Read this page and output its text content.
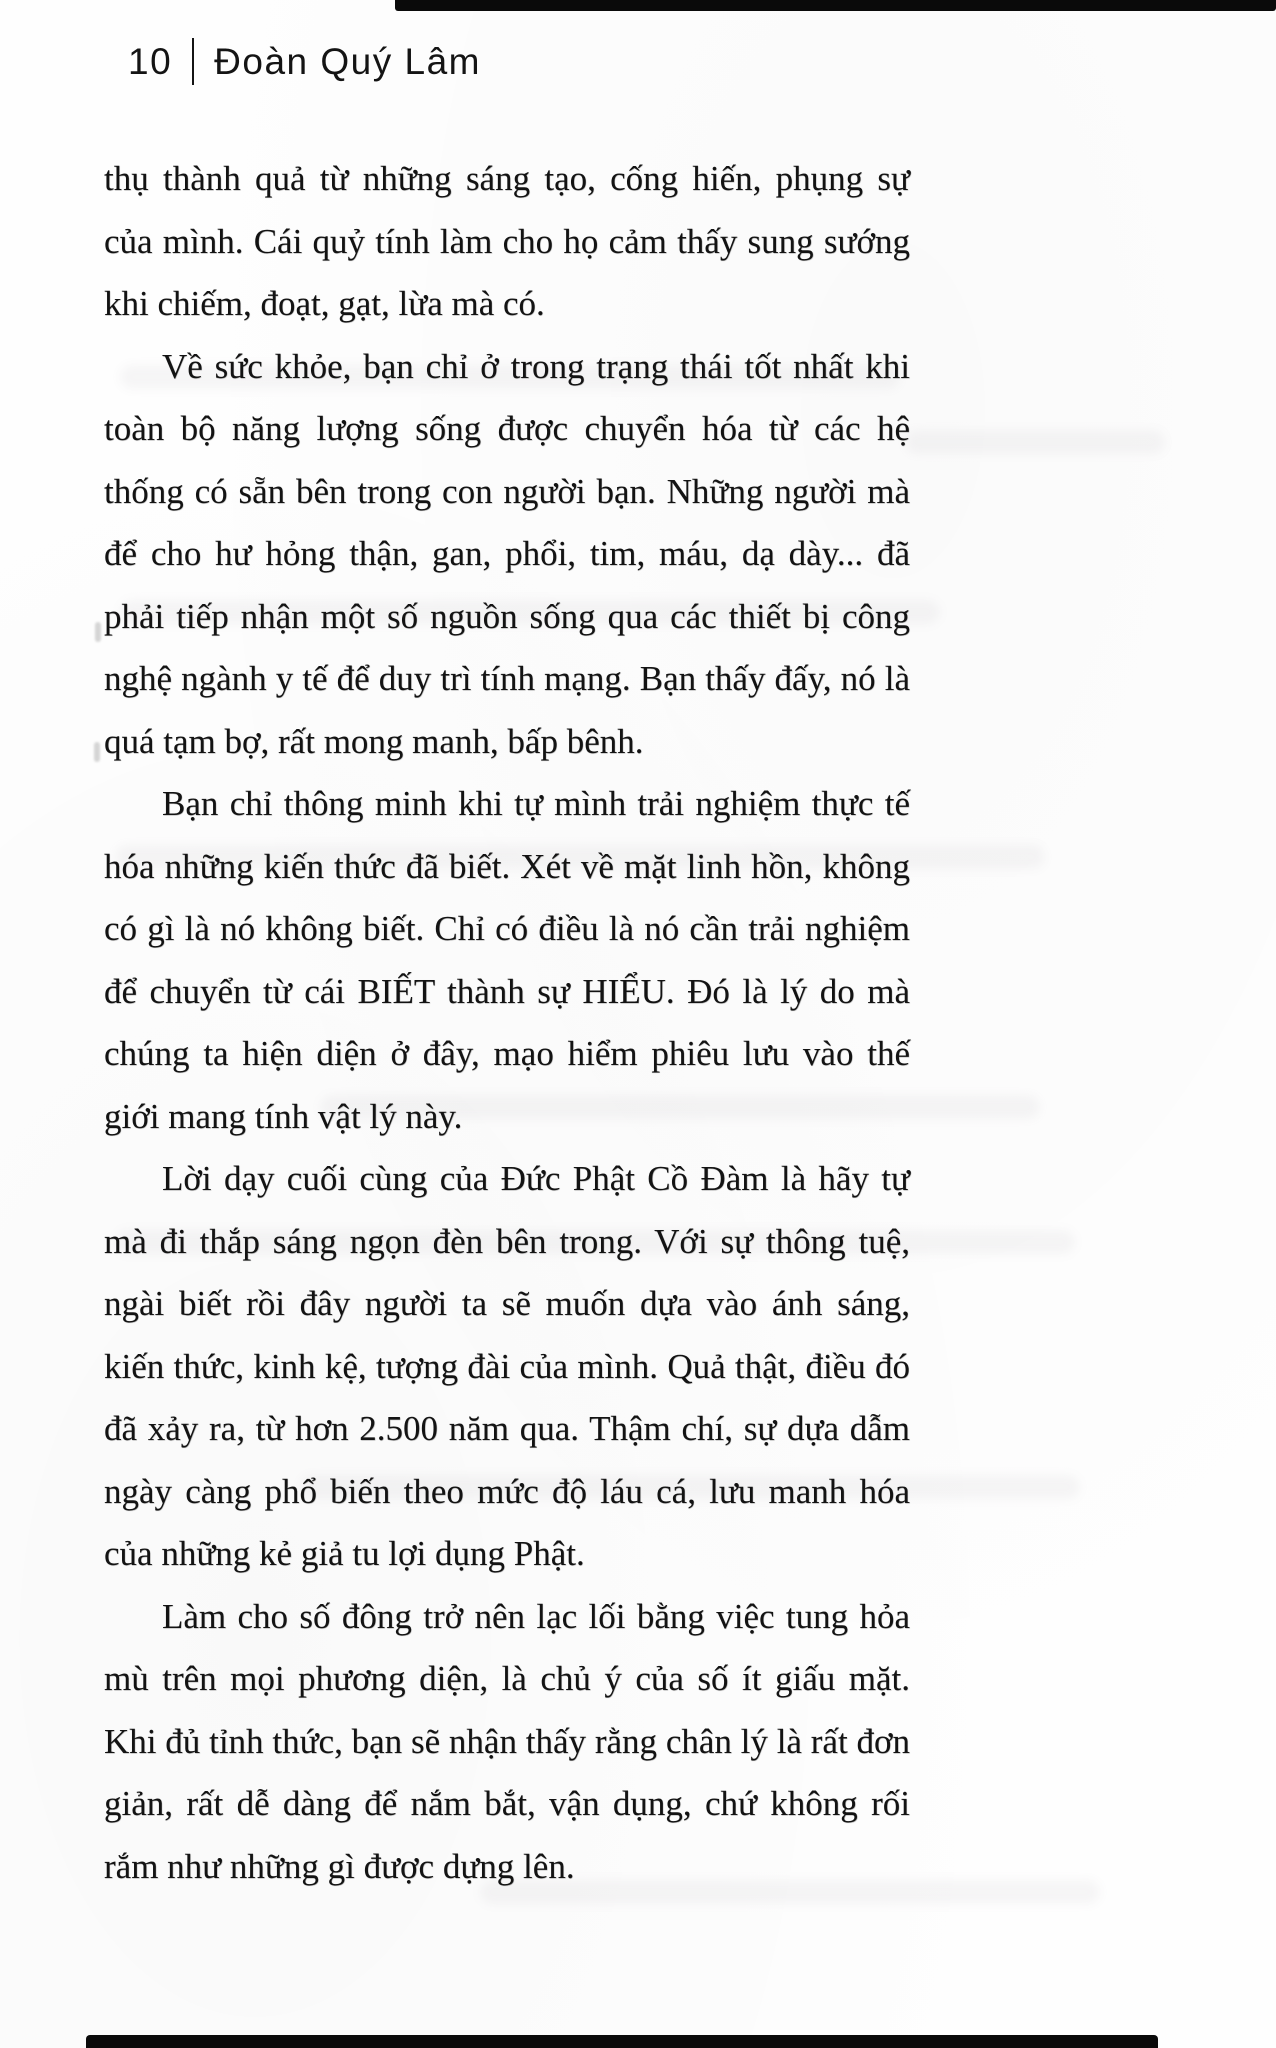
10 Đoàn Quý Lâm

thụ thành quả từ những sáng tạo, cống hiến, phụng sự của mình. Cái quỷ tính làm cho họ cảm thấy sung sướng khi chiếm, đoạt, gạt, lừa mà có.

Về sức khỏe, bạn chỉ ở trong trạng thái tốt nhất khi toàn bộ năng lượng sống được chuyển hóa từ các hệ thống có sẵn bên trong con người bạn. Những người mà để cho hư hỏng thận, gan, phổi, tim, máu, dạ dày... đã phải tiếp nhận một số nguồn sống qua các thiết bị công nghệ ngành y tế để duy trì tính mạng. Bạn thấy đấy, nó là quá tạm bợ, rất mong manh, bấp bênh.

Bạn chỉ thông minh khi tự mình trải nghiệm thực tế hóa những kiến thức đã biết. Xét về mặt linh hồn, không có gì là nó không biết. Chỉ có điều là nó cần trải nghiệm để chuyển từ cái BIẾT thành sự HIỂU. Đó là lý do mà chúng ta hiện diện ở đây, mạo hiểm phiêu lưu vào thế giới mang tính vật lý này.

Lời dạy cuối cùng của Đức Phật Cồ Đàm là hãy tự mà đi thắp sáng ngọn đèn bên trong. Với sự thông tuệ, ngài biết rồi đây người ta sẽ muốn dựa vào ánh sáng, kiến thức, kinh kệ, tượng đài của mình. Quả thật, điều đó đã xảy ra, từ hơn 2.500 năm qua. Thậm chí, sự dựa dẫm ngày càng phổ biến theo mức độ láu cá, lưu manh hóa của những kẻ giả tu lợi dụng Phật.

Làm cho số đông trở nên lạc lối bằng việc tung hỏa mù trên mọi phương diện, là chủ ý của số ít giấu mặt. Khi đủ tỉnh thức, bạn sẽ nhận thấy rằng chân lý là rất đơn giản, rất dễ dàng để nắm bắt, vận dụng, chứ không rối rắm như những gì được dựng lên.
